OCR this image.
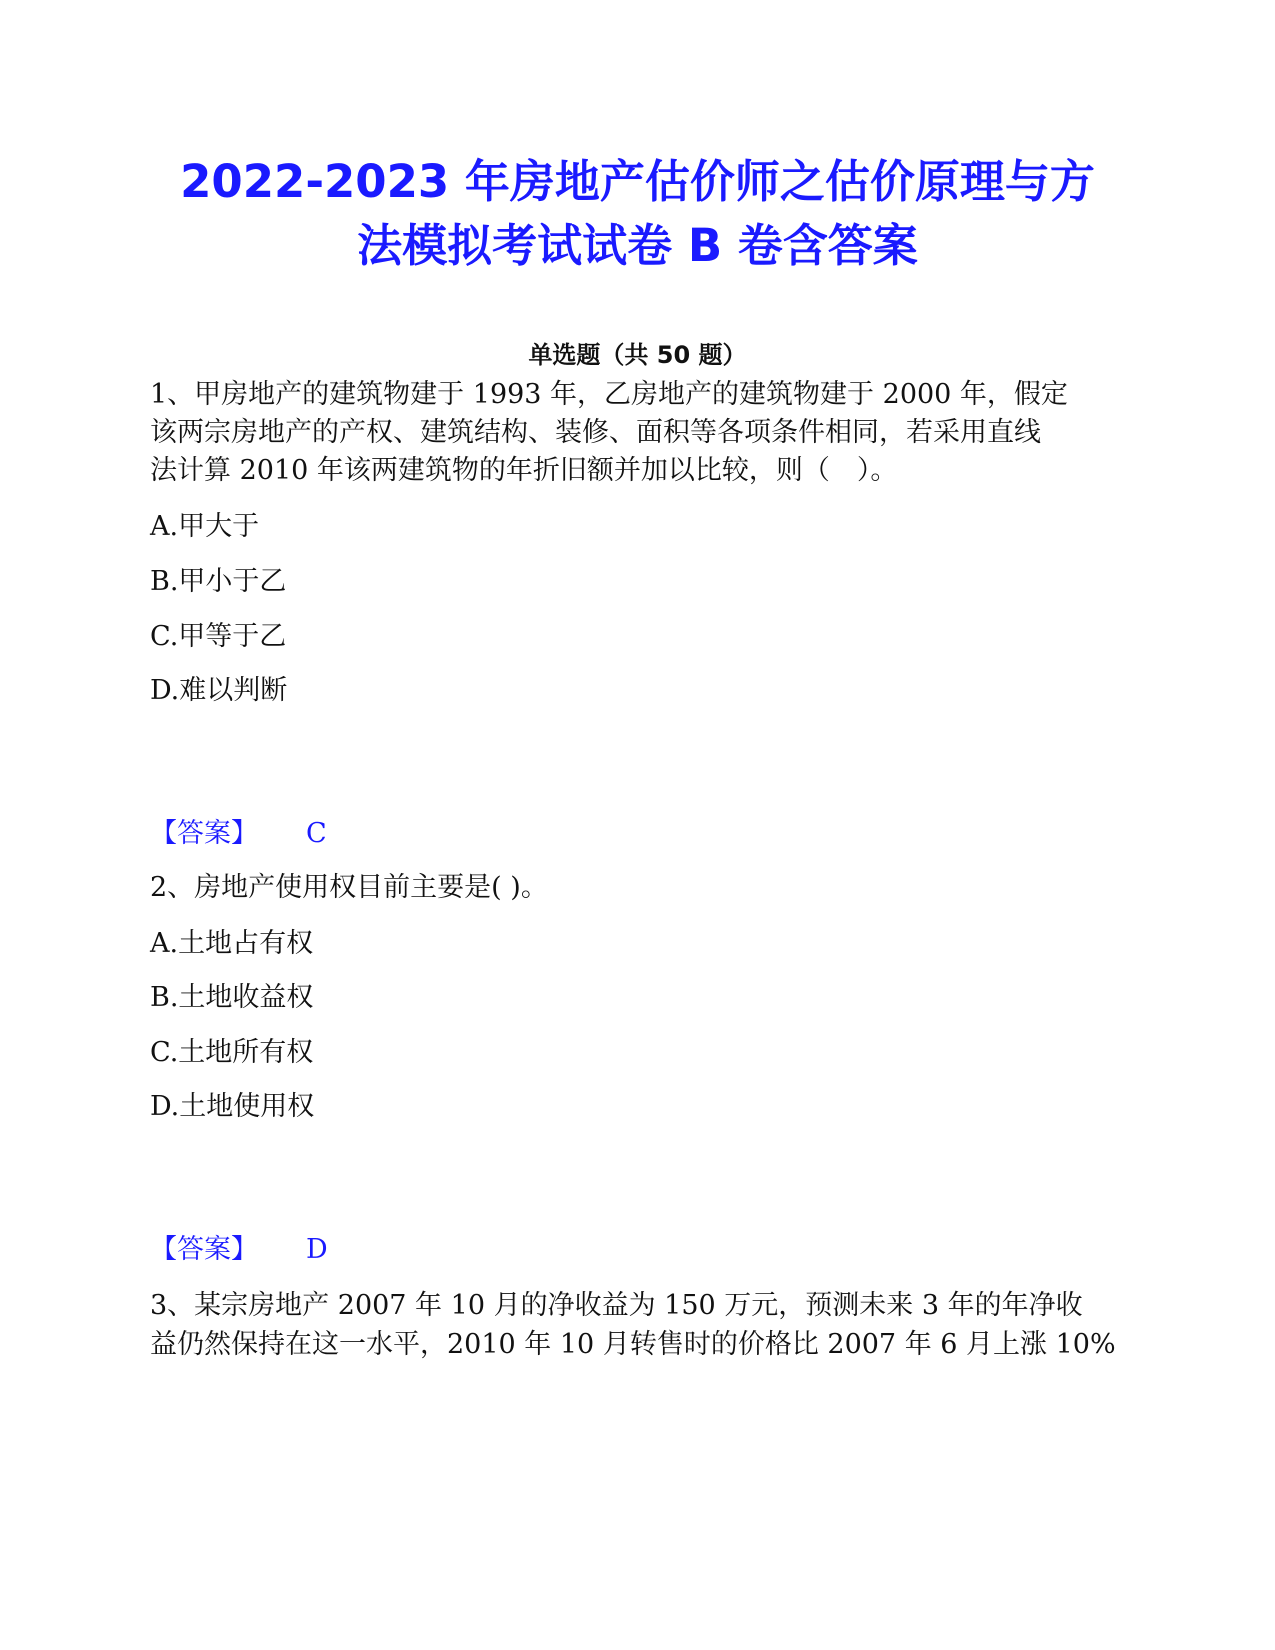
2022-2023 年房地产估价师之估价原理与方
法模拟考试试卷 B 卷含答案
单选题（共 50 题）
1、甲房地产的建筑物建于 1993 年，乙房地产的建筑物建于 2000 年，假定
该两宗房地产的产权、建筑结构、装修、面积等各项条件相同，若采用直线
法计算 2010 年该两建筑物的年折旧额并加以比较，则（　）。
A.甲大于
B.甲小于乙
C.甲等于乙
D.难以判断
【答案】 C
2、房地产使用权目前主要是( )。
A.土地占有权
B.土地收益权
C.土地所有权
D.土地使用权
【答案】 D
3、某宗房地产 2007 年 10 月的净收益为 150 万元，预测未来 3 年的年净收
益仍然保持在这一水平，2010 年 10 月转售时的价格比 2007 年 6 月上涨 10%
